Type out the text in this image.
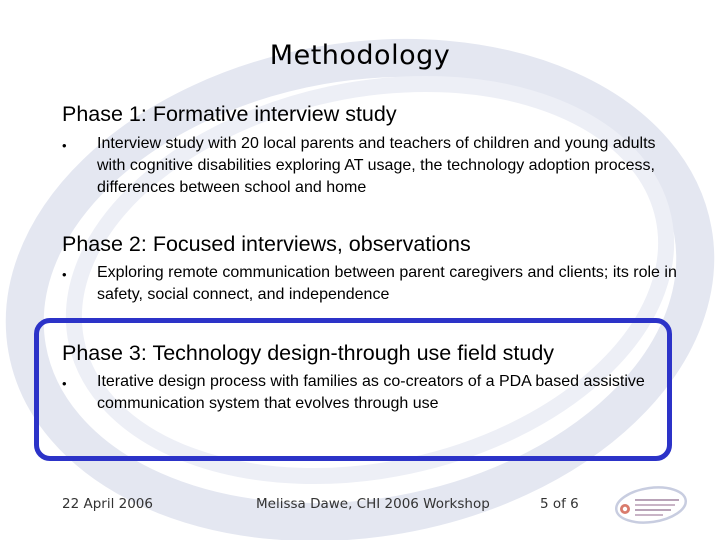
Methodology
Phase 1: Formative interview study
• Interview study with 20 local parents and teachers of children and young adults with cognitive disabilities exploring AT usage, the technology adoption process, differences between school and home
Phase 2: Focused interviews, observations
• Exploring remote communication between parent caregivers and clients; its role in safety, social connect, and independence
Phase 3: Technology design-through use field study
• Iterative design process with families as co-creators of a PDA based assistive communication system that evolves through use
22 April 2006	Melissa Dawe, CHI 2006 Workshop	5 of 6
